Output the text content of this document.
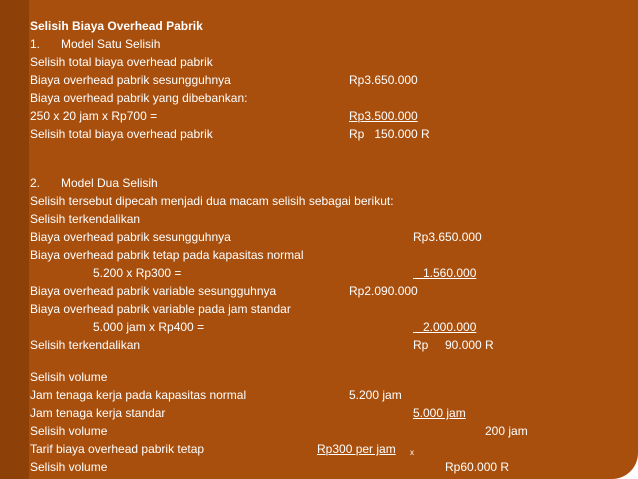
Selisih Biaya Overhead Pabrik
1. Model Satu Selisih
Selisih total biaya overhead pabrik
Biaya overhead pabrik sesungguhnya	Rp3.650.000
Biaya overhead pabrik yang dibebankan:
250 x 20 jam x Rp700 =	Rp3.500.000
Selisih total biaya overhead pabrik	Rp   150.000 R
2. Model Dua Selisih
Selisih tersebut dipecah menjadi dua macam selisih sebagai berikut:
Selisih terkendalikan
Biaya overhead pabrik sesungguhnya	Rp3.650.000
Biaya overhead pabrik tetap pada kapasitas normal
5.200 x Rp300 =	1.560.000
Biaya overhead pabrik variable sesungguhnya	Rp2.090.000
Biaya overhead pabrik variable pada jam standar
5.000 jam x Rp400 =	2.000.000
Selisih terkendalikan	Rp     90.000 R
Selisih volume
Jam tenaga kerja pada kapasitas normal	5.200 jam
Jam tenaga kerja standar	5.000 jam
Selisih volume	200 jam
Tarif biaya overhead pabrik tetap	Rp300 per jam x
Selisih volume	Rp60.000 R
